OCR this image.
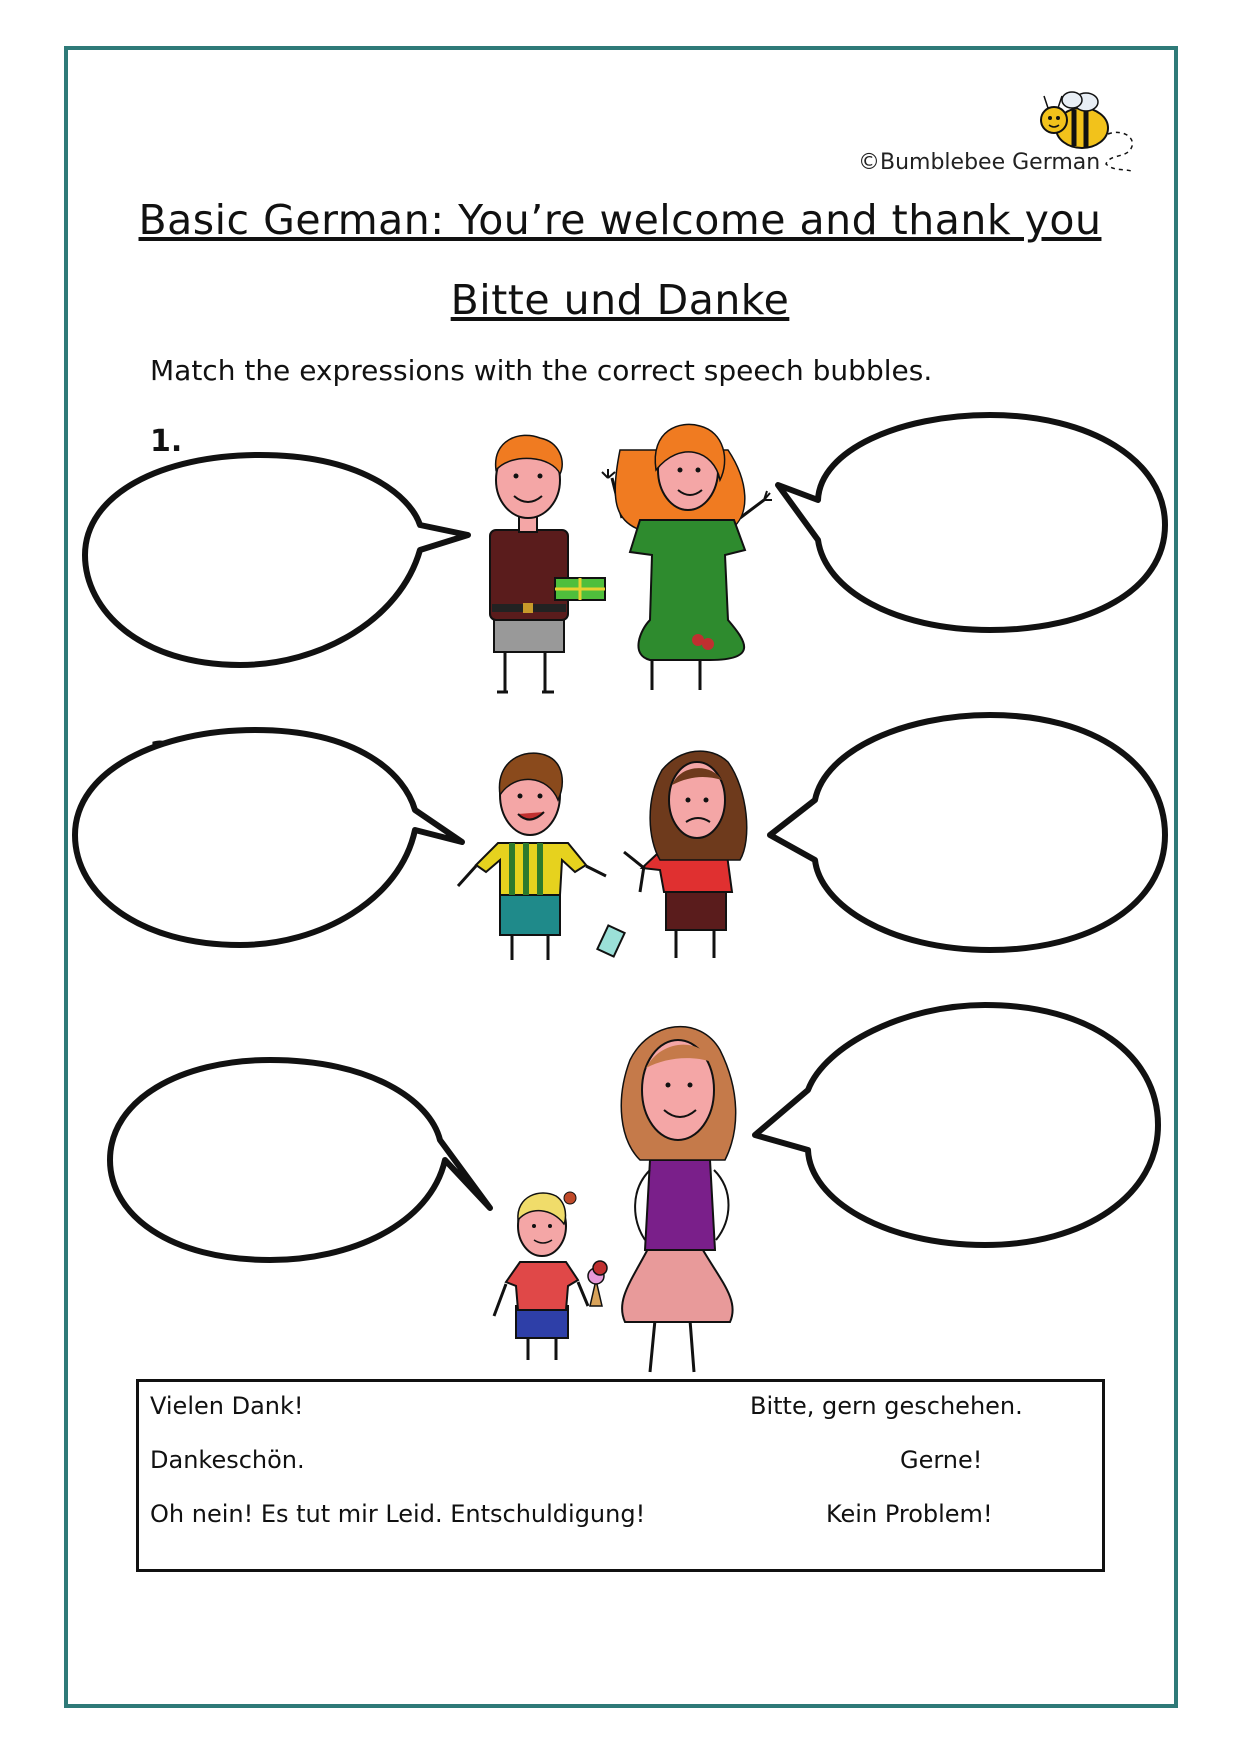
©Bumblebee German
Basic German: You’re welcome and thank you
Bitte und Danke
Match the expressions with the correct speech bubbles.
1.
Vielen Dank!
Dankeschön.
Oh nein! Es tut mir Leid. Entschuldigung!
Bitte, gern geschehen.
Gerne!
Kein Problem!
